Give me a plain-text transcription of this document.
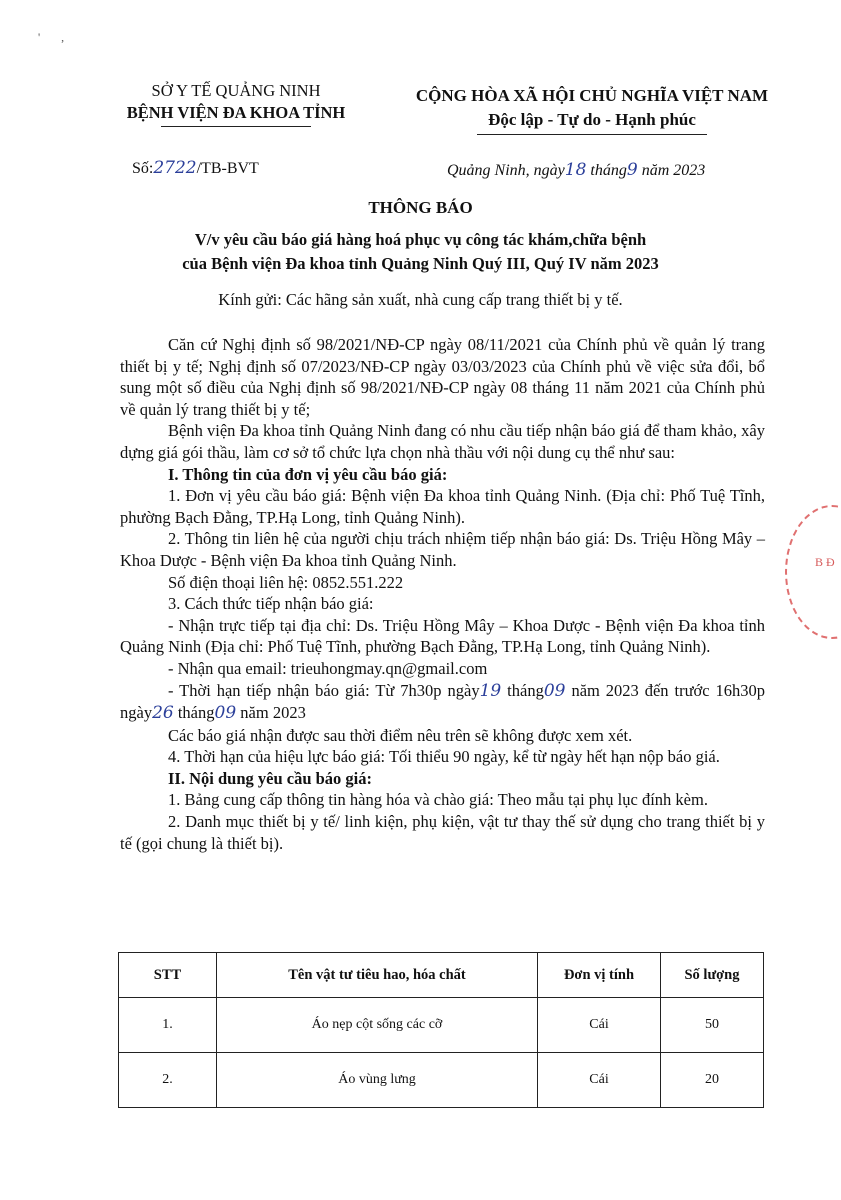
'       ,
SỞ Y TẾ QUẢNG NINH
BỆNH VIỆN ĐA KHOA TỈNH
CỘNG HÒA XÃ HỘI CHỦ NGHĨA VIỆT NAM
Độc lập - Tự do - Hạnh phúc
Số:2722/TB-BVT	Quảng Ninh, ngày18 tháng9 năm 2023
THÔNG BÁO
V/v yêu cầu báo giá hàng hoá phục vụ công tác khám,chữa bệnh
của Bệnh viện Đa khoa tỉnh Quảng Ninh Quý III, Quý IV năm 2023
Kính gửi: Các hãng sản xuất, nhà cung cấp trang thiết bị y tế.

Căn cứ Nghị định số 98/2021/NĐ-CP ngày 08/11/2021 của Chính phủ về quản lý trang thiết bị y tế; Nghị định số 07/2023/NĐ-CP ngày 03/03/2023 của Chính phủ về việc sửa đổi, bổ sung một số điều của Nghị định số 98/2021/NĐ-CP ngày 08 tháng 11 năm 2021 của Chính phủ về quản lý trang thiết bị y tế;

Bệnh viện Đa khoa tỉnh Quảng Ninh đang có nhu cầu tiếp nhận báo giá để tham khảo, xây dựng giá gói thầu, làm cơ sở tổ chức lựa chọn nhà thầu với nội dung cụ thể như sau:

I. Thông tin của đơn vị yêu cầu báo giá:

1. Đơn vị yêu cầu báo giá: Bệnh viện Đa khoa tỉnh Quảng Ninh. (Địa chỉ: Phố Tuệ Tĩnh, phường Bạch Đằng, TP.Hạ Long, tỉnh Quảng Ninh).

2. Thông tin liên hệ của người chịu trách nhiệm tiếp nhận báo giá: Ds. Triệu Hồng Mây – Khoa Dược - Bệnh viện Đa khoa tỉnh Quảng Ninh.

Số điện thoại liên hệ: 0852.551.222

3. Cách thức tiếp nhận báo giá:

- Nhận trực tiếp tại địa chỉ: Ds. Triệu Hồng Mây – Khoa Dược - Bệnh viện Đa khoa tỉnh Quảng Ninh (Địa chỉ: Phố Tuệ Tĩnh, phường Bạch Đằng, TP.Hạ Long, tỉnh Quảng Ninh).

- Nhận qua email: trieuhongmay.qn@gmail.com

- Thời hạn tiếp nhận báo giá: Từ 7h30p ngày19 tháng09 năm 2023 đến trước 16h30p ngày26 tháng09 năm 2023

Các báo giá nhận được sau thời điểm nêu trên sẽ không được xem xét.

4. Thời hạn của hiệu lực báo giá: Tối thiểu 90 ngày, kể từ ngày hết hạn nộp báo giá.

II. Nội dung yêu cầu báo giá:

1. Bảng cung cấp thông tin hàng hóa và chào giá: Theo mẫu tại phụ lục đính kèm.

2. Danh mục thiết bị y tế/ linh kiện, phụ kiện, vật tư thay thế sử dụng cho trang thiết bị y tế (gọi chung là thiết bị).

STT	Tên vật tư tiêu hao, hóa chất	Đơn vị tính	Số lượng
1.	Áo nẹp cột sống các cỡ	Cái	50
2.	Áo vùng lưng	Cái	20
B Đ
